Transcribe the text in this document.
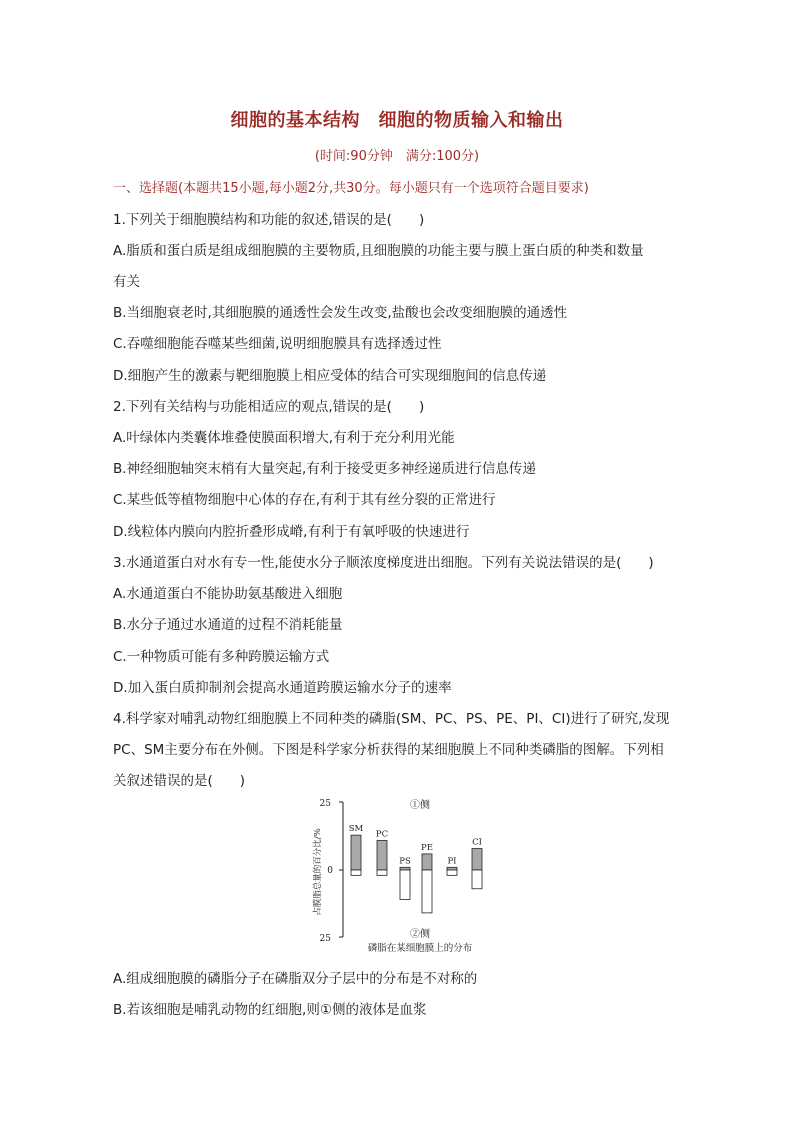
细胞的基本结构　细胞的物质输入和输出
(时间:90分钟　满分:100分)
一、选择题(本题共15小题,每小题2分,共30分。每小题只有一个选项符合题目要求)
1.下列关于细胞膜结构和功能的叙述,错误的是(　　)
A.脂质和蛋白质是组成细胞膜的主要物质,且细胞膜的功能主要与膜上蛋白质的种类和数量
有关
B.当细胞衰老时,其细胞膜的通透性会发生改变,盐酸也会改变细胞膜的通透性
C.吞噬细胞能吞噬某些细菌,说明细胞膜具有选择透过性
D.细胞产生的激素与靶细胞膜上相应受体的结合可实现细胞间的信息传递
2.下列有关结构与功能相适应的观点,错误的是(　　)
A.叶绿体内类囊体堆叠使膜面积增大,有利于充分利用光能
B.神经细胞轴突末梢有大量突起,有利于接受更多神经递质进行信息传递
C.某些低等植物细胞中心体的存在,有利于其有丝分裂的正常进行
D.线粒体内膜向内腔折叠形成嵴,有利于有氧呼吸的快速进行
3.水通道蛋白对水有专一性,能使水分子顺浓度梯度进出细胞。下列有关说法错误的是(　　)
A.水通道蛋白不能协助氨基酸进入细胞
B.水分子通过水通道的过程不消耗能量
C.一种物质可能有多种跨膜运输方式
D.加入蛋白质抑制剂会提高水通道跨膜运输水分子的速率
4.科学家对哺乳动物红细胞膜上不同种类的磷脂(SM、PC、PS、PE、PI、CI)进行了研究,发现
PC、SM主要分布在外侧。下图是科学家分析获得的某细胞膜上不同种类磷脂的图解。下列相
关叙述错误的是(　　)
占膜脂总量的百分比/%
25
0
25
①侧
②侧
磷脂在某细胞膜上的分布
SM
PC
PS
PE
PI
CI
A.组成细胞膜的磷脂分子在磷脂双分子层中的分布是不对称的
B.若该细胞是哺乳动物的红细胞,则①侧的液体是血浆
